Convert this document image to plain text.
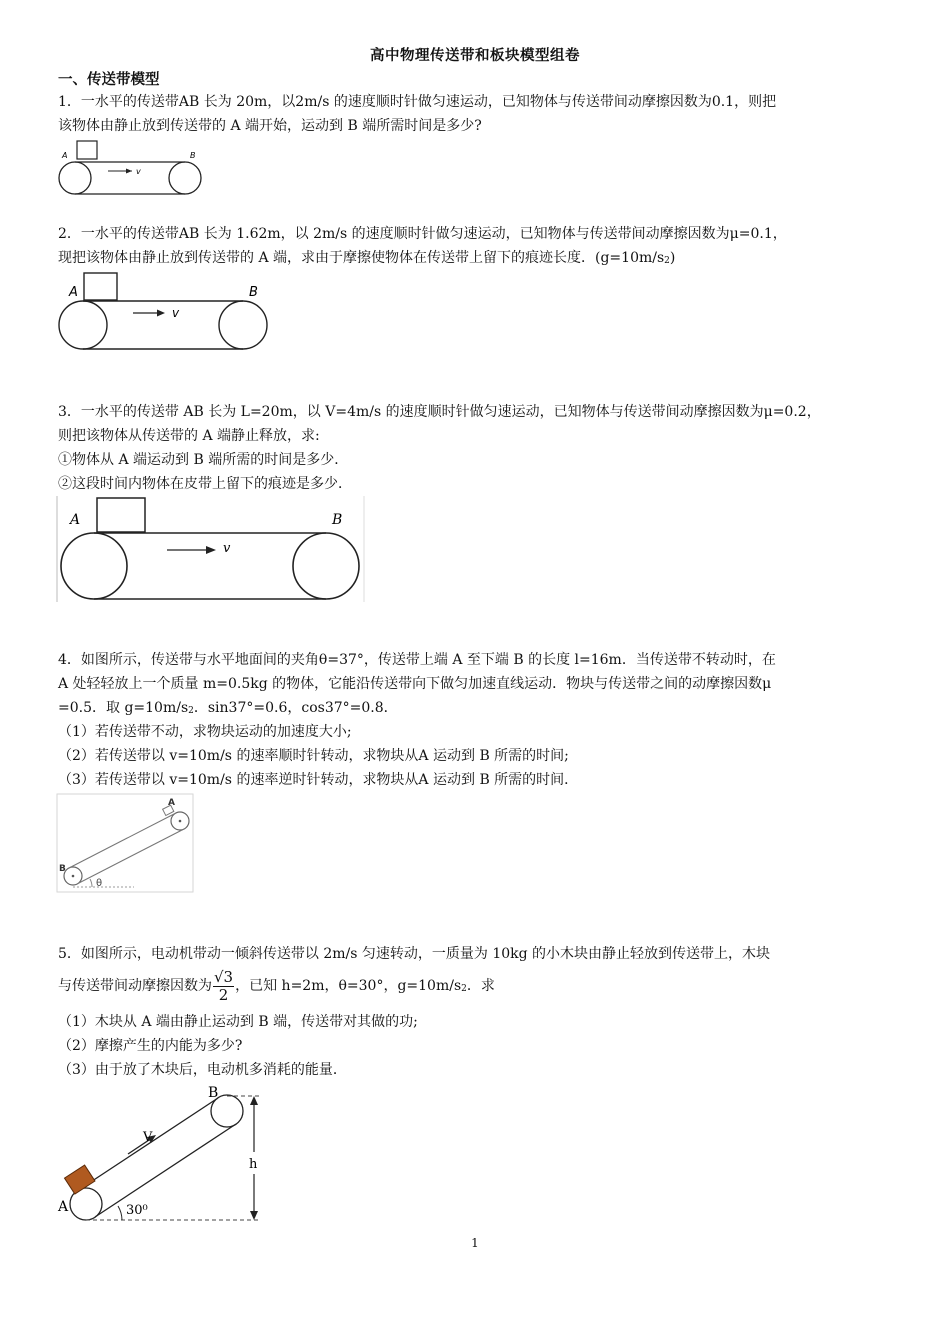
高中物理传送带和板块模型组卷
一、传送带模型
1．一水平的传送带AB 长为 20m，以2m/s 的速度顺时针做匀速运动，已知物体与传送带间动摩擦因数为0.1，则把
该物体由静止放到传送带的 A 端开始，运动到 B 端所需时间是多少?
A	B
v
2．一水平的传送带AB 长为 1.62m，以 2m/s 的速度顺时针做匀速运动，已知物体与传送带间动摩擦因数为μ=0.1，
现把该物体由静止放到传送带的 A 端，求由于摩擦使物体在传送带上留下的痕迹长度．$(g=10m/s_2)$
A	B
v
3．一水平的传送带 AB 长为 L=20m，以 V=4m/s 的速度顺时针做匀速运动，已知物体与传送带间动摩擦因数为μ=0.2，
则把该物体从传送带的 A 端静止释放，求:
①物体从 A 端运动到 B 端所需的时间是多少．
②这段时间内物体在皮带上留下的痕迹是多少．
A	B
v
4．如图所示，传送带与水平地面间的夹角θ=37°，传送带上端 A 至下端 B 的长度 l=16m．当传送带不转动时，在
A 处轻轻放上一个质量 m=0.5kg 的物体，它能沿传送带向下做匀加速直线运动．物块与传送带之间的动摩擦因数μ
=0.5．取 $g=10m/s_2$．sin37°=0.6，cos37°=0.8．
（1）若传送带不动，求物块运动的加速度大小;
（2）若传送带以 v=10m/s 的速率顺时针转动，求物块从A 运动到 B 所需的时间;
（3）若传送带以 v=10m/s 的速率逆时针转动，求物块从A 运动到 B 所需的时间．
θ
B
A
5．如图所示，电动机带动一倾斜传送带以 2m/s 匀速转动，一质量为 10kg 的小木块由静止轻放到传送带上，木块
与传送带间动摩擦因数为 $\frac{√3}{2}$ ，已知 h=2m，θ=30°，$g=10m/s_2$．求
（1）木块从 A 端由静止运动到 B 端，传送带对其做的功;
（2）摩擦产生的内能为多少?
（3）由于放了木块后，电动机多消耗的能量．
V
B
A
h
30⁰
1
